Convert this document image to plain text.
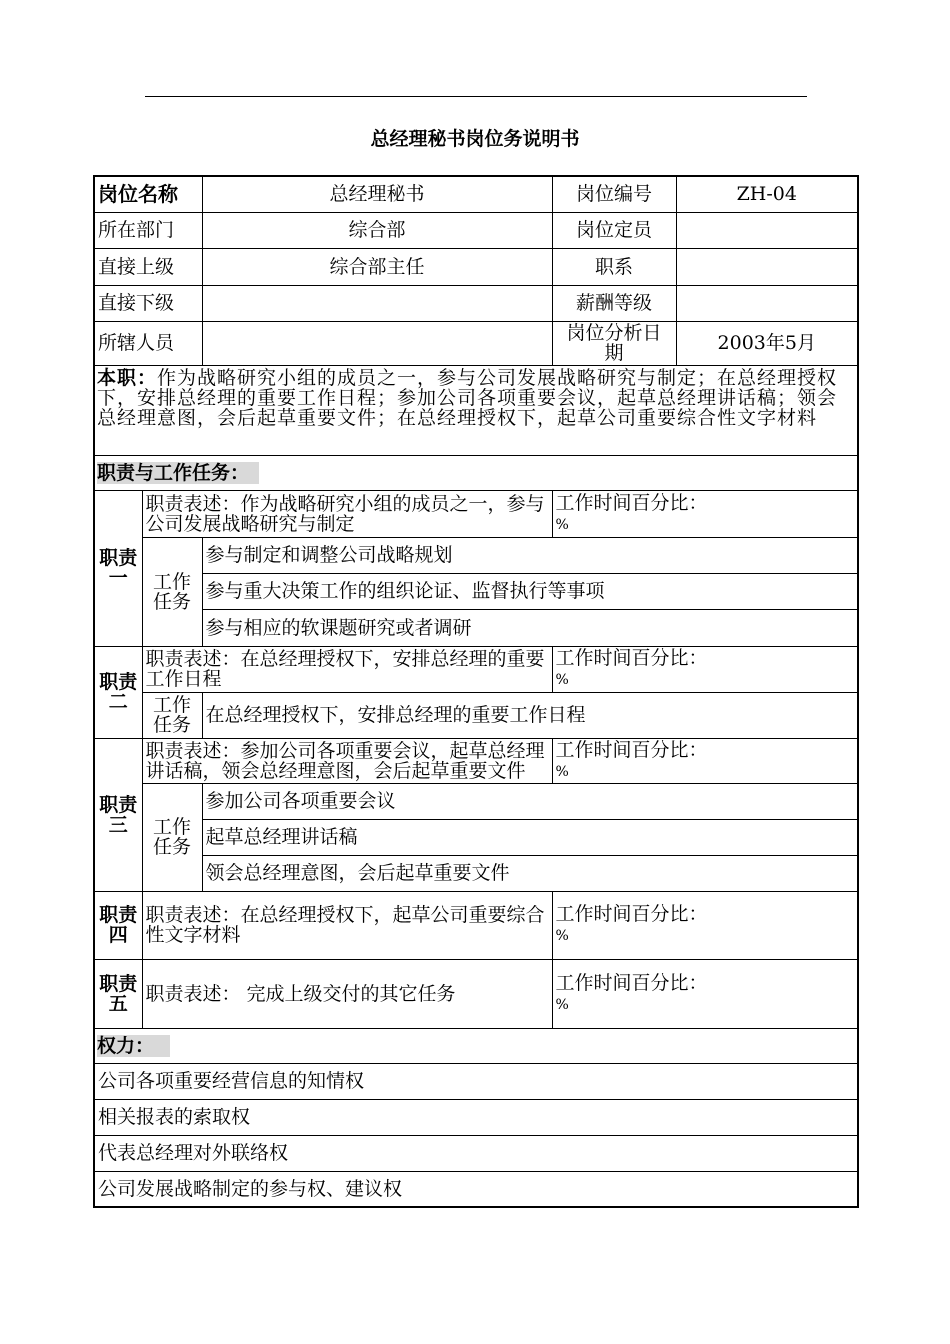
总经理秘书岗位务说明书
岗位名称		总经理秘书	岗位编号	ZH-04
所在部门		综合部	岗位定员	
直接上级		综合部主任	职系	
直接下级			薪酬等级	
所辖人员			岗位分析日期	2003年5月
本职：作为战略研究小组的成员之一，参与公司发展战略研究与制定；在总经理授权下，安排总经理的重要工作日程；参加公司各项重要会议，起草总经理讲话稿；领会总经理意图，会后起草重要文件；在总经理授权下，起草公司重要综合性文字材料				
职责与工作任务：				
职责一	职责表述：作为战略研究小组的成员之一，参与公司发展战略研究与制定		工作时间百分比：
%	
	工作任务	参与制定和调整公司战略规划		
		参与重大决策工作的组织论证、监督执行等事项		
		参与相应的软课题研究或者调研		
职责二	职责表述：在总经理授权下，安排总经理的重要工作日程		工作时间百分比：
%	
	工作任务	在总经理授权下，安排总经理的重要工作日程		
职责三	职责表述：参加公司各项重要会议，起草总经理讲话稿，领会总经理意图，会后起草重要文件		工作时间百分比：
%	
	工作任务	参加公司各项重要会议		
		起草总经理讲话稿		
		领会总经理意图，会后起草重要文件		
职责四	职责表述：在总经理授权下，起草公司重要综合性文字材料		工作时间百分比：
%	
职责五	职责表述： 完成上级交付的其它任务		工作时间百分比：
%	
权力：				
公司各项重要经营信息的知情权				
相关报表的索取权				
代表总经理对外联络权				
公司发展战略制定的参与权、建议权				
